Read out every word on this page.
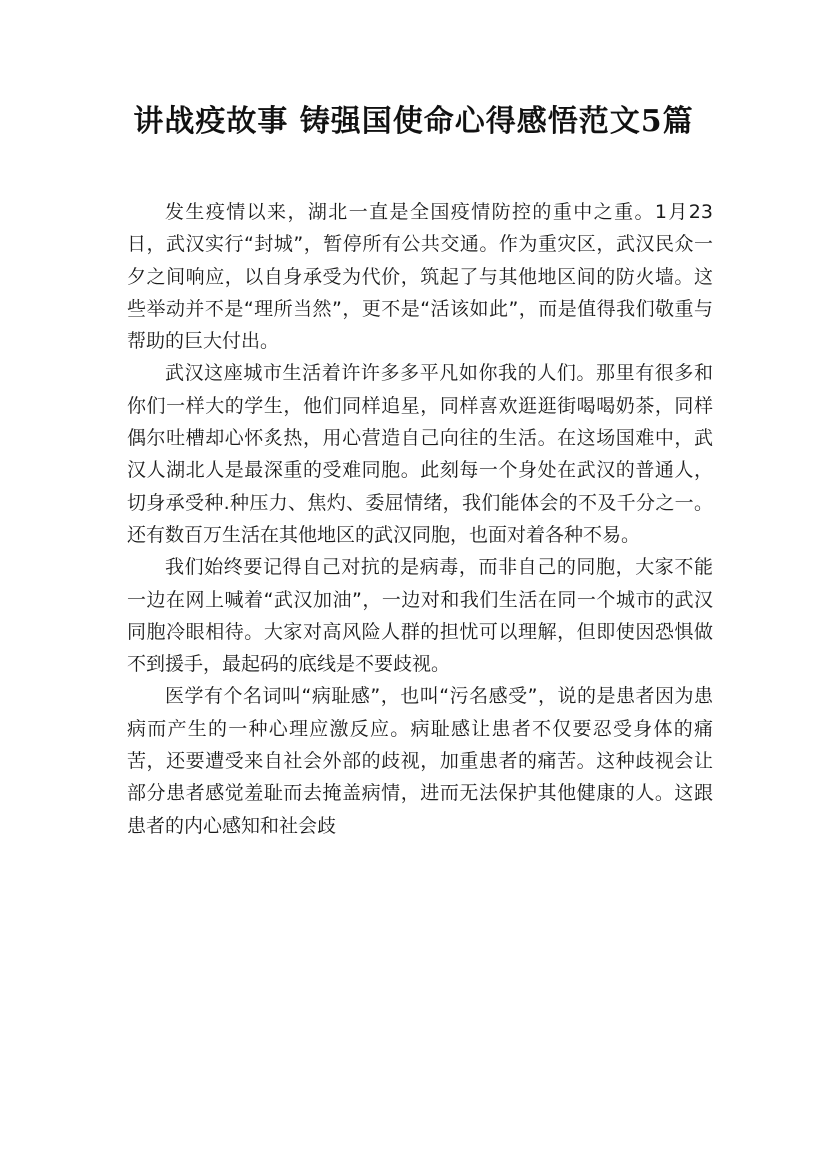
讲战疫故事 铸强国使命心得感悟范文5篇

发生疫情以来，湖北一直是全国疫情防控的重中之重。1月23日，武汉实行“封城”，暂停所有公共交通。作为重灾区，武汉民众一夕之间响应，以自身承受为代价，筑起了与其他地区间的防火墙。这些举动并不是“理所当然”，更不是“活该如此”，而是值得我们敬重与帮助的巨大付出。

武汉这座城市生活着许许多多平凡如你我的人们。那里有很多和你们一样大的学生，他们同样追星，同样喜欢逛逛街喝喝奶茶，同样偶尔吐槽却心怀炙热，用心营造自己向往的生活。在这场国难中，武汉人湖北人是最深重的受难同胞。此刻每一个身处在武汉的普通人，切身承受种.种压力、焦灼、委屈情绪，我们能体会的不及千分之一。还有数百万生活在其他地区的武汉同胞，也面对着各种不易。

我们始终要记得自己对抗的是病毒，而非自己的同胞，大家不能一边在网上喊着“武汉加油”，一边对和我们生活在同一个城市的武汉同胞冷眼相待。大家对高风险人群的担忧可以理解，但即使因恐惧做不到援手，最起码的底线是不要歧视。

医学有个名词叫“病耻感”，也叫“污名感受”，说的是患者因为患病而产生的一种心理应激反应。病耻感让患者不仅要忍受身体的痛苦，还要遭受来自社会外部的歧视，加重患者的痛苦。这种歧视会让部分患者感觉羞耻而去掩盖病情，进而无法保护其他健康的人。这跟患者的内心感知和社会歧
